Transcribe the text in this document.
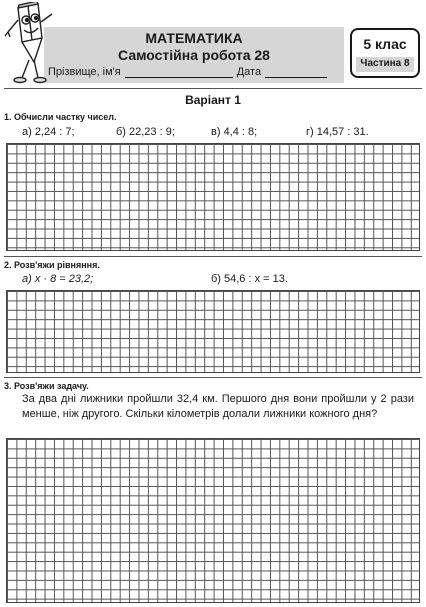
МАТЕМАТИКА
Самостійна робота 28
Прізвище, ім'я	Дата
5 клас
Частина 8
Варіант 1
1. Обчисли частку чисел.
а) 2,24 : 7;	б) 22,23 : 9;	в) 4,4 : 8;	г) 14,57 : 31.
2. Розв'яжи рівняння.
а) x · 8 = 23,2;	б) 54,6 : x = 13.
3. Розв'яжи задачу.
За два дні лижники пройшли 32,4 км. Першого дня вони пройшли у 2 рази менше, ніж другого. Скільки кілометрів долали лижники кожного дня?
